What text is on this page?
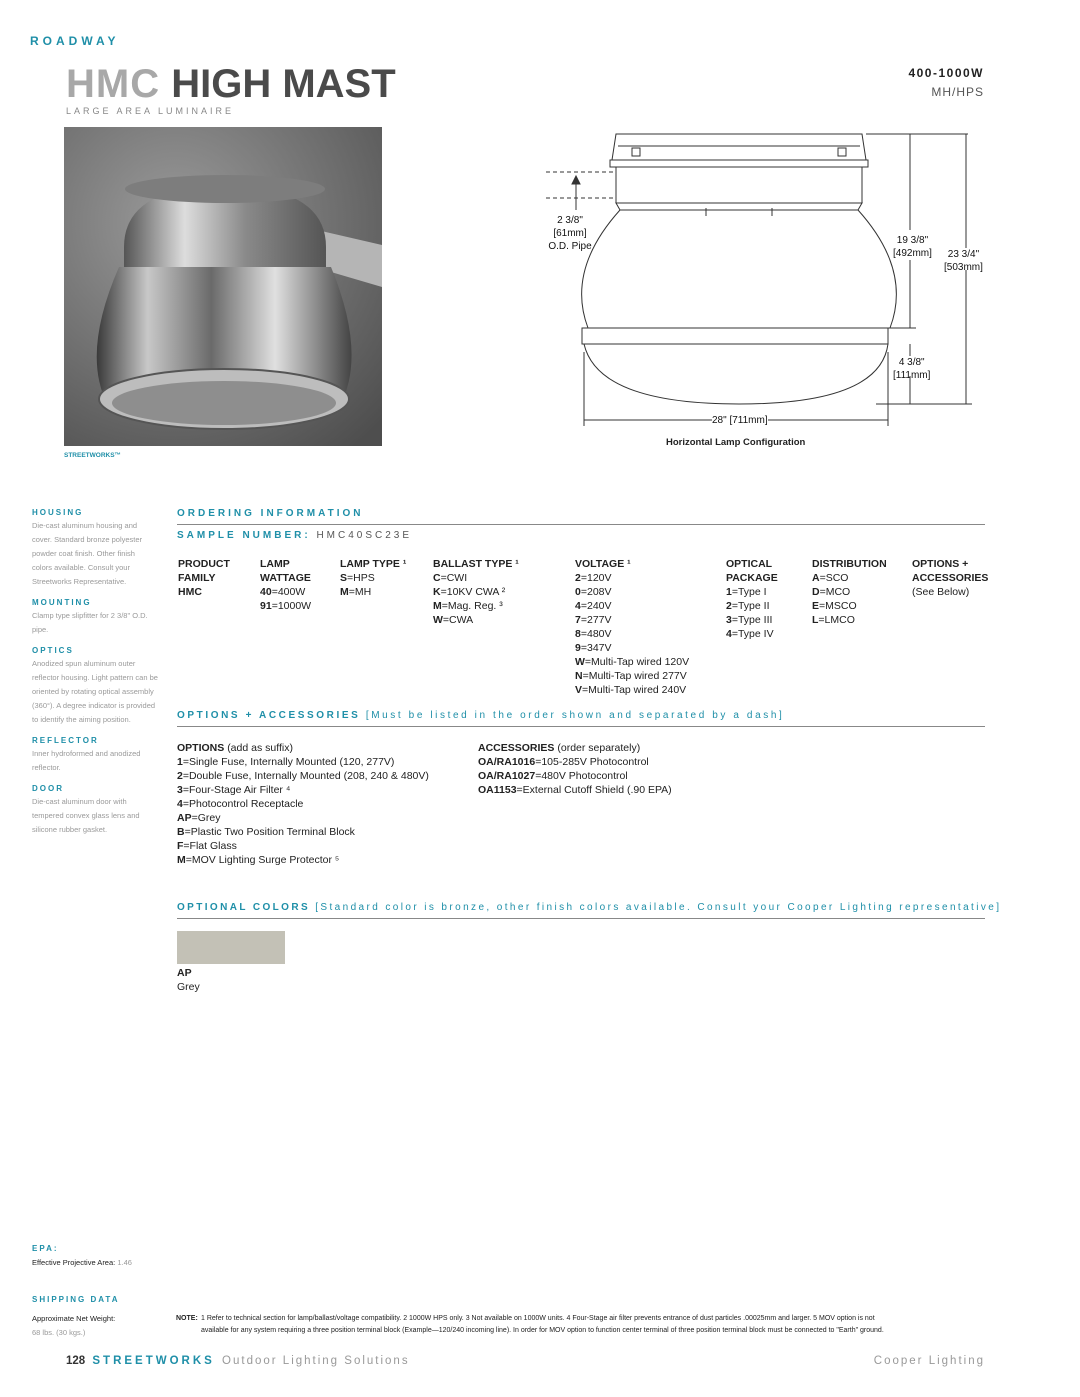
ROADWAY
HMC HIGH MAST
LARGE AREA LUMINAIRE
400-1000W
MH/HPS
STREETWORKS™
2 3/8"
[61mm]
O.D. Pipe
19 3/8"
[492mm]	23 3/4"
[503mm]
4 3/8"
[111mm]
28" [711mm]
Horizontal Lamp Configuration
HOUSING
Die-cast aluminum housing and cover. Standard bronze polyester powder coat finish. Other finish colors available. Consult your Streetworks Representative.
MOUNTING
Clamp type slipfitter for 2 3/8" O.D. pipe.
OPTICS
Anodized spun aluminum outer reflector housing. Light pattern can be oriented by rotating optical assembly (360°). A degree indicator is provided to identify the aiming position.
REFLECTOR
Inner hydroformed and anodized reflector.
DOOR
Die-cast aluminum door with tempered convex glass lens and silicone rubber gasket.
ORDERING INFORMATION
SAMPLE NUMBER: HMC40SC23E
PRODUCT
FAMILY
HMC
LAMP
WATTAGE
40=400W
91=1000W
LAMP TYPE ¹
S=HPS
M=MH
BALLAST TYPE ¹
C=CWI
K=10KV CWA ²
M=Mag. Reg. ³
W=CWA
VOLTAGE ¹
2=120V
0=208V
4=240V
7=277V
8=480V
9=347V
W=Multi-Tap wired 120V
N=Multi-Tap wired 277V
V=Multi-Tap wired 240V
OPTICAL
PACKAGE
1=Type I
2=Type II
3=Type III
4=Type IV
DISTRIBUTION
A=SCO
D=MCO
E=MSCO
L=LMCO
OPTIONS +
ACCESSORIES
(See Below)
OPTIONS + ACCESSORIES [Must be listed in the order shown and separated by a dash]
OPTIONS (add as suffix)
1=Single Fuse, Internally Mounted (120, 277V)
2=Double Fuse, Internally Mounted (208, 240 & 480V)
3=Four-Stage Air Filter ⁴
4=Photocontrol Receptacle
AP=Grey
B=Plastic Two Position Terminal Block
F=Flat Glass
M=MOV Lighting Surge Protector ⁵
ACCESSORIES (order separately)
OA/RA1016=105-285V Photocontrol
OA/RA1027=480V Photocontrol
OA1153=External Cutoff Shield (.90 EPA)
OPTIONAL COLORS [Standard color is bronze, other finish colors available. Consult your Cooper Lighting representative]
AP
Grey
EPA:
Effective Projective Area: 1.46
SHIPPING DATA
Approximate Net Weight:
68 lbs. (30 kgs.)
NOTE: 1 Refer to technical section for lamp/ballast/voltage compatibility. 2 1000W HPS only. 3 Not available on 1000W units. 4 Four-Stage air filter prevents entrance of dust particles .00025mm and larger. 5 MOV option is not
available for any system requiring a three position terminal block (Example—120/240 incoming line). In order for MOV option to function center terminal of three position terminal block must be connected to "Earth" ground.
128 STREETWORKS Outdoor Lighting Solutions	Cooper Lighting
